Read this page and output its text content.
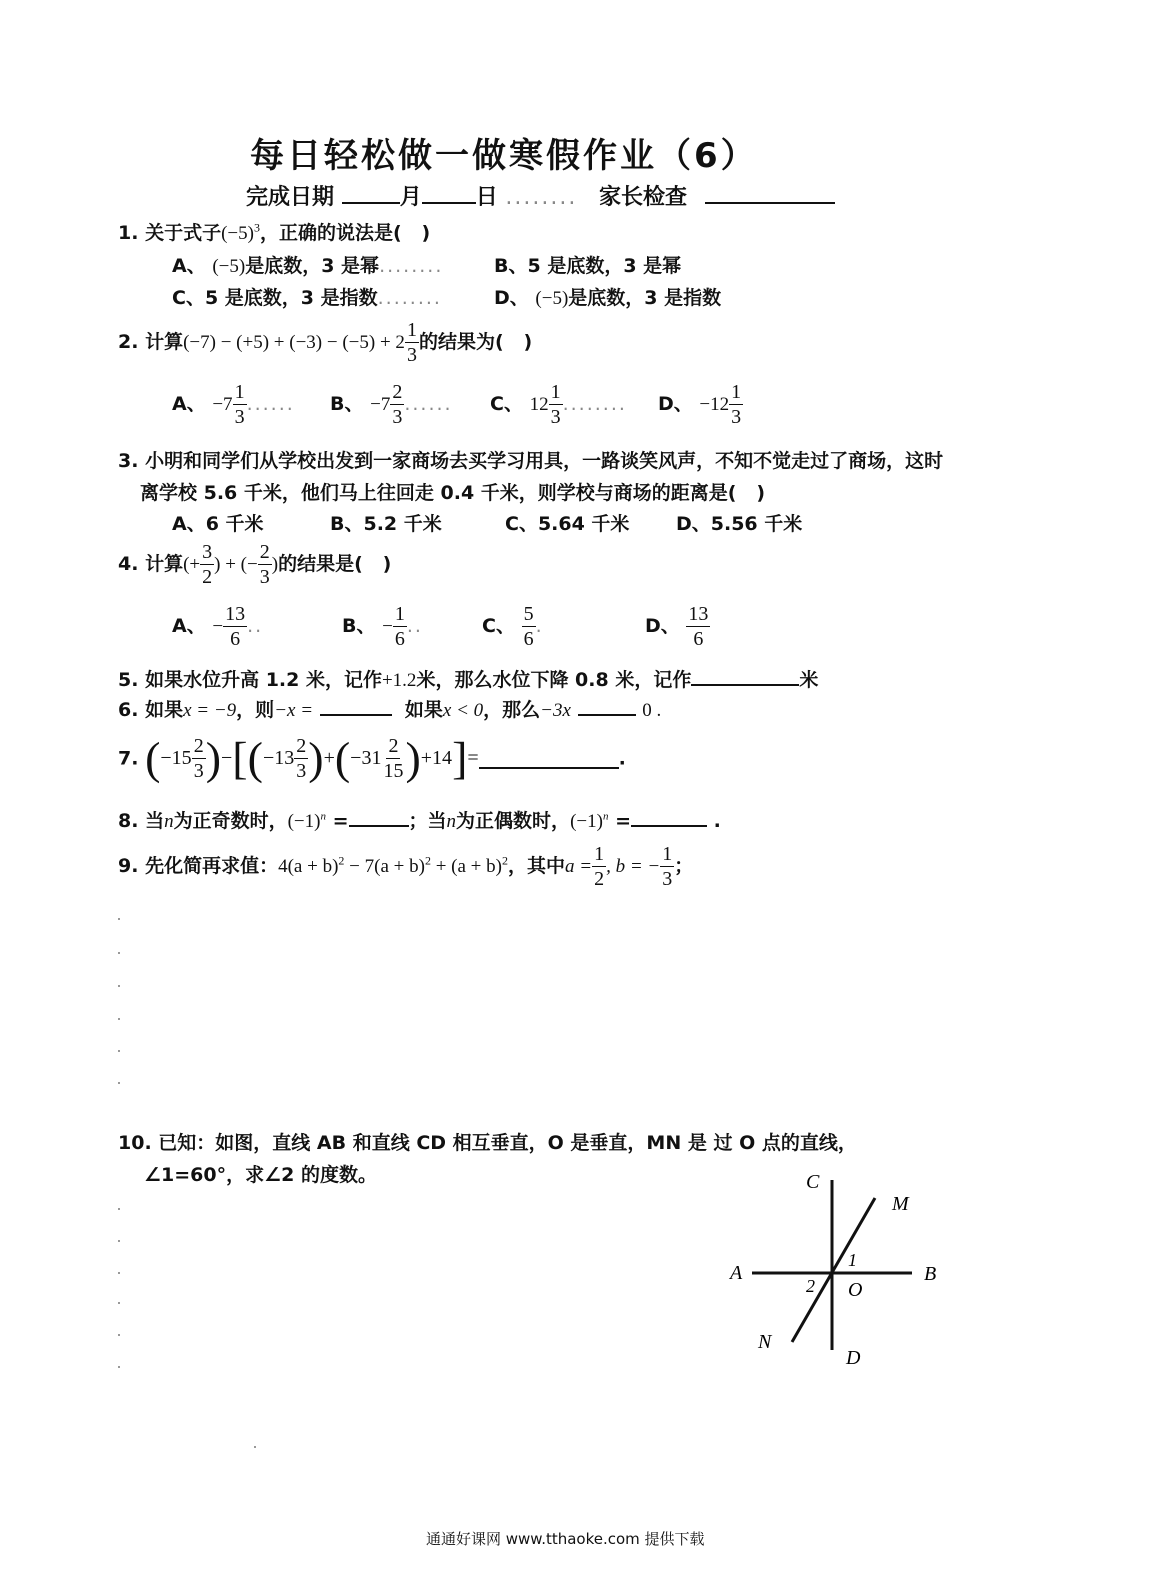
每日轻松做一做寒假作业（6）
完成日期	月 日 ........ 家长检查
1. 关于式子$(-5)^3$，正确的说法是( )
A、 (−5)是底数，3 是幂........	B、5 是底数，3 是幂
C、5 是底数，3 是指数........	D、 (−5)是底数，3 是指数
2. 计算$(-7) - (+5) + (-3) - (-5) + 2 \frac{1}{3}$ 的结果为( )
A、 $-7 \frac{1}{3}$ ...... B、 $-7 \frac{2}{3}$ ...... C、 $12 \frac{1}{3}$ ........ D、 $-12 \frac{1}{3}$
3. 小明和同学们从学校出发到一家商场去买学习用具，一路谈笑风声，不知不觉走过了商场，这时
离学校 5.6 千米，他们马上往回走 0.4 千米，则学校与商场的距离是( )
A、6 千米	B、5.2 千米	C、5.64 千米 D、5.56 千米
4. 计算(+ $\frac{3}{2}$ ) + (− $\frac{2}{3}$ )的结果是( )
A、 − $\frac{13}{6}$ ..	B、 − $\frac{1}{6}$ ..	C、 $\frac{5}{6}$ .	D、 $\frac{13}{6}$
5. 如果水位升高 1.2 米，记作+1.2米，那么水位下降 0.8 米，记作	米
6. 如果x = −9，则−x =	如果x < 0，那么−3x	0 .
7. $(-15 \frac{2}{3} )-[(-13 \frac{2}{3} )+(-31 \frac{2}{15} )+14]=$	.
8. 当n为正奇数时，$(-1)^n$ =	；当n为正偶数时，$(-1)^n$ =	.
9. 先化简再求值：$4(a + b)^2 - 7(a + b)^2 + (a + b)^2$，其中$a = \frac{1}{2}$ , b = − $\frac{1}{3}$ ；
10. 已知：如图，直线 AB 和直线 CD 相互垂直，O 是垂直，MN 是 过 O 点的直线，
∠1=60°，求∠2 的度数。	C
M
A	B
1
2 O
N
D
通通好课网 www.tthaoke.com 提供下载
